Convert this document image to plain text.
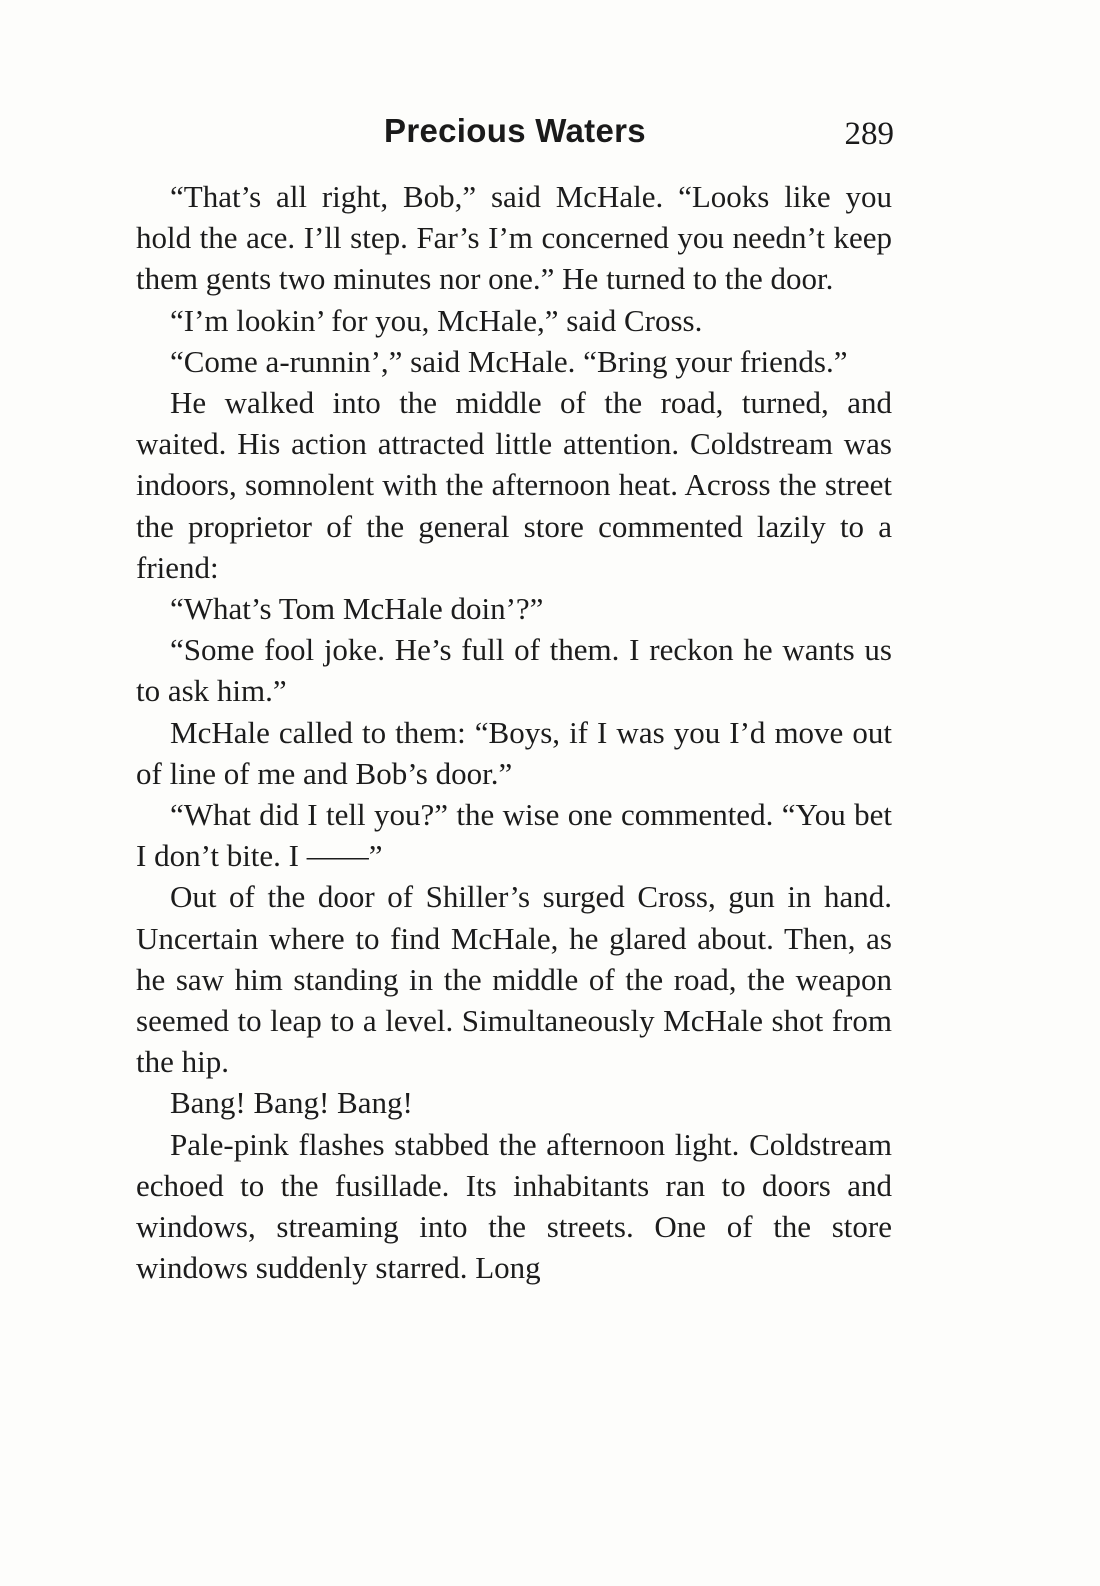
Precious Waters	289

“That’s all right, Bob,” said McHale. “Looks like you hold the ace. I’ll step. Far’s I’m concerned you needn’t keep them gents two minutes nor one.” He turned to the door.

“I’m lookin’ for you, McHale,” said Cross.

“Come a-runnin’,” said McHale. “Bring your friends.”

He walked into the middle of the road, turned, and waited. His action attracted little attention. Coldstream was indoors, somnolent with the afternoon heat. Across the street the proprietor of the general store commented lazily to a friend:

“What’s Tom McHale doin’?”

“Some fool joke. He’s full of them. I reckon he wants us to ask him.”

McHale called to them: “Boys, if I was you I’d move out of line of me and Bob’s door.”

“What did I tell you?” the wise one commented. “You bet I don’t bite. I ——”

Out of the door of Shiller’s surged Cross, gun in hand. Uncertain where to find McHale, he glared about. Then, as he saw him standing in the middle of the road, the weapon seemed to leap to a level. Simultaneously McHale shot from the hip.

Bang! Bang! Bang!

Pale-pink flashes stabbed the afternoon light. Coldstream echoed to the fusillade. Its inhabitants ran to doors and windows, streaming into the streets. One of the store windows suddenly starred. Long
